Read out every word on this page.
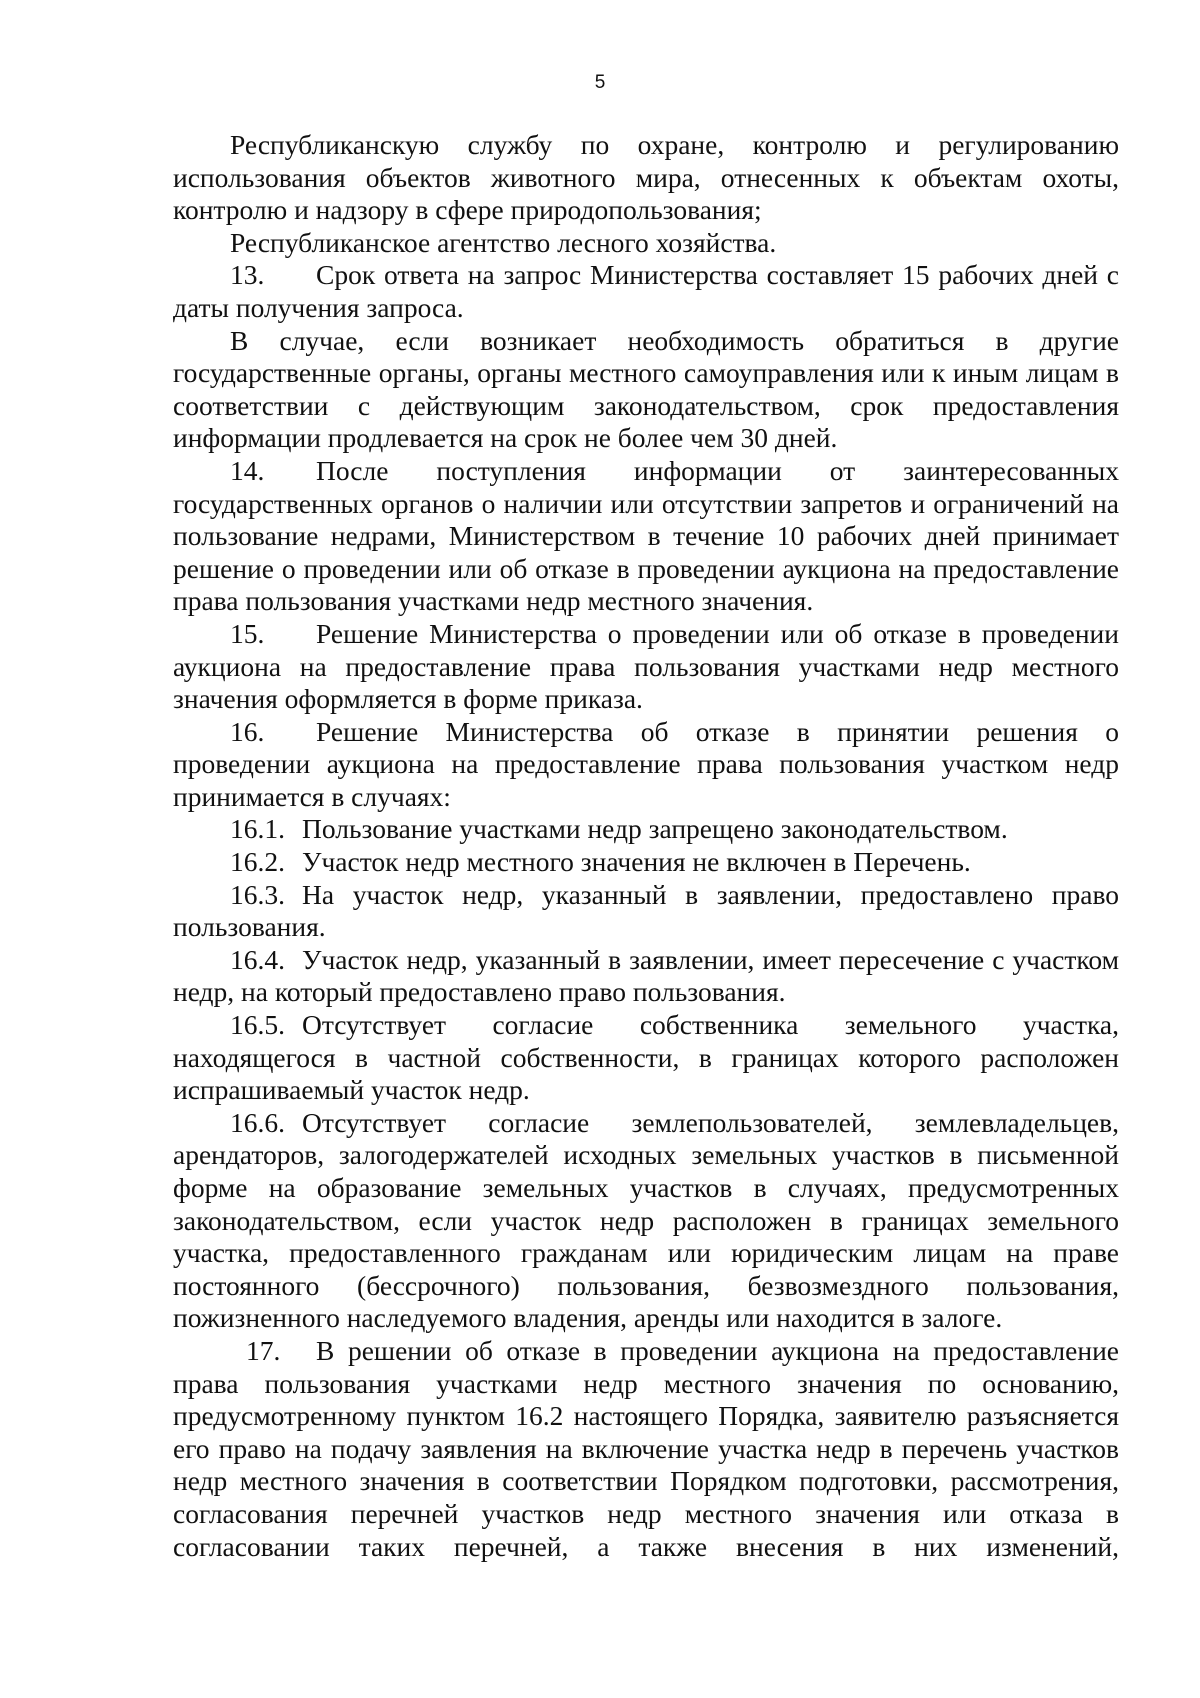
5

Республиканскую службу по охране, контролю и регулированию использования объектов животного мира, отнесенных к объектам охоты, контролю и надзору в сфере природопользования;

Республиканское агентство лесного хозяйства.

13. Срок ответа на запрос Министерства составляет 15 рабочих дней с даты получения запроса.

В случае, если возникает необходимость обратиться в другие государственные органы, органы местного самоуправления или к иным лицам в соответствии с действующим законодательством, срок предоставления информации продлевается на срок не более чем 30 дней.

14. После поступления информации от заинтересованных государственных органов о наличии или отсутствии запретов и ограничений на пользование недрами, Министерством в течение 10 рабочих дней принимает решение о проведении или об отказе в проведении аукциона на предоставление права пользования участками недр местного значения.

15. Решение Министерства о проведении или об отказе в проведении аукциона на предоставление права пользования участками недр местного значения оформляется в форме приказа.

16. Решение Министерства об отказе в принятии решения о проведении аукциона на предоставление права пользования участком недр принимается в случаях:

16.1. Пользование участками недр запрещено законодательством.

16.2. Участок недр местного значения не включен в Перечень.

16.3. На участок недр, указанный в заявлении, предоставлено право пользования.

16.4. Участок недр, указанный в заявлении, имеет пересечение с участком недр, на который предоставлено право пользования.

16.5. Отсутствует согласие собственника земельного участка, находящегося в частной собственности, в границах которого расположен испрашиваемый участок недр.

16.6. Отсутствует согласие землепользователей, землевладельцев, арендаторов, залогодержателей исходных земельных участков в письменной форме на образование земельных участков в случаях, предусмотренных законодательством, если участок недр расположен в границах земельного участка, предоставленного гражданам или юридическим лицам на праве постоянного (бессрочного) пользования, безвозмездного пользования, пожизненного наследуемого владения, аренды или находится в залоге.

17. В решении об отказе в проведении аукциона на предоставление права пользования участками недр местного значения по основанию, предусмотренному пунктом 16.2 настоящего Порядка, заявителю разъясняется его право на подачу заявления на включение участка недр в перечень участков недр местного значения в соответствии Порядком подготовки, рассмотрения, согласования перечней участков недр местного значения или отказа в согласовании таких перечней, а также внесения в них изменений,
